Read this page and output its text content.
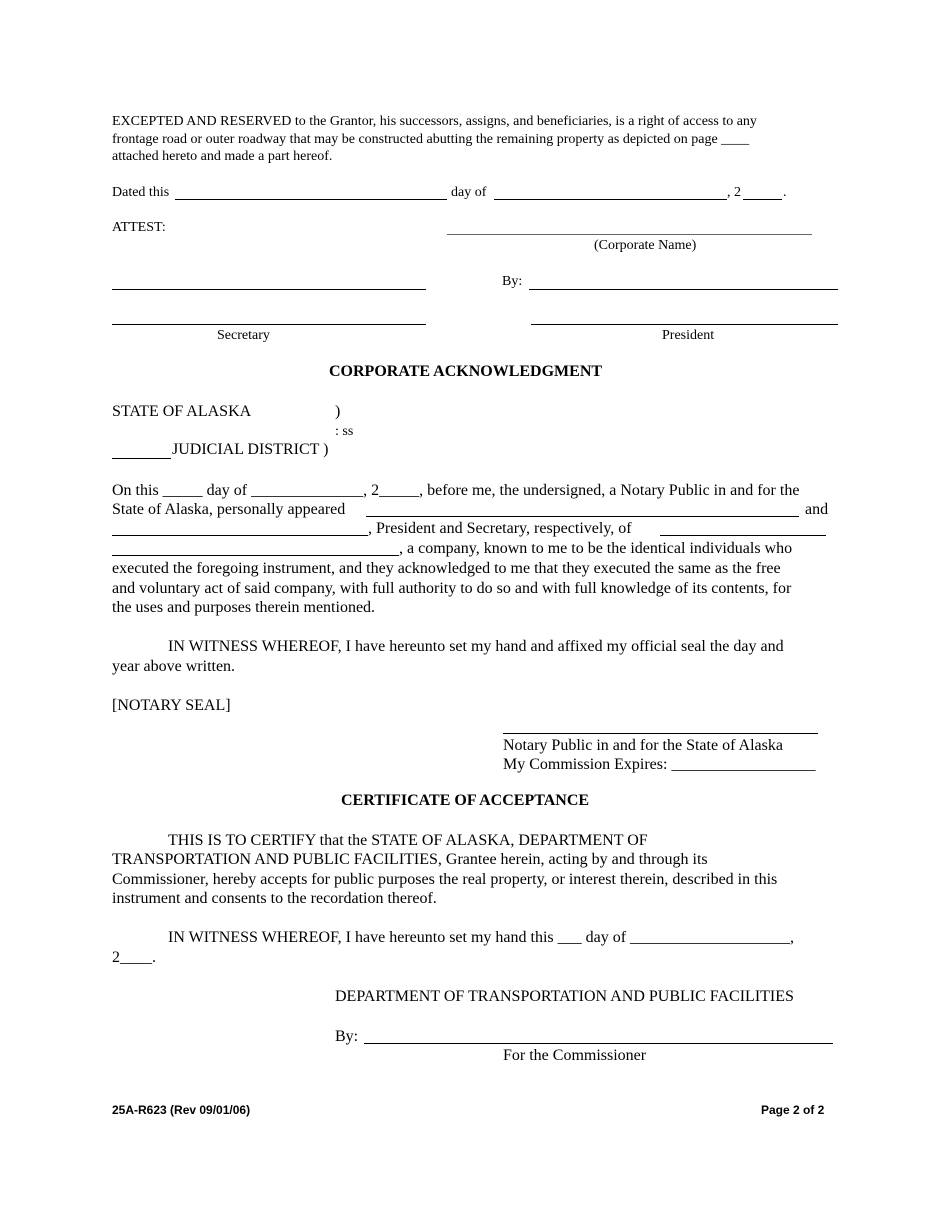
EXCEPTED AND RESERVED to the Grantor, his successors, assigns, and beneficiaries, is a right of access to any
frontage road or outer roadway that may be constructed abutting the remaining property as depicted on page ____
attached hereto and made a part hereof.
Dated this	day of	, 2	.
ATTEST:
(Corporate Name)
By:
Secretary	President
CORPORATE ACKNOWLEDGMENT
STATE OF ALASKA	)
: ss
JUDICIAL DISTRICT )
On this _____ day of ______________, 2_____, before me, the undersigned, a Notary Public in and for the
State of Alaska, personally appeared	and
, President and Secretary, respectively, of
, a company, known to me to be the identical individuals who
executed the foregoing instrument, and they acknowledged to me that they executed the same as the free
and voluntary act of said company, with full authority to do so and with full knowledge of its contents, for
the uses and purposes therein mentioned.
IN WITNESS WHEREOF, I have hereunto set my hand and affixed my official seal the day and
year above written.
[NOTARY SEAL]
Notary Public in and for the State of Alaska
My Commission Expires: __________________
CERTIFICATE OF ACCEPTANCE
THIS IS TO CERTIFY that the STATE OF ALASKA, DEPARTMENT OF
TRANSPORTATION AND PUBLIC FACILITIES, Grantee herein, acting by and through its
Commissioner, hereby accepts for public purposes the real property, or interest therein, described in this
instrument and consents to the recordation thereof.
IN WITNESS WHEREOF, I have hereunto set my hand this ___ day of ____________________,
2____.
DEPARTMENT OF TRANSPORTATION AND PUBLIC FACILITIES
By:
For the Commissioner
25A-R623 (Rev 09/01/06)	Page 2 of 2
